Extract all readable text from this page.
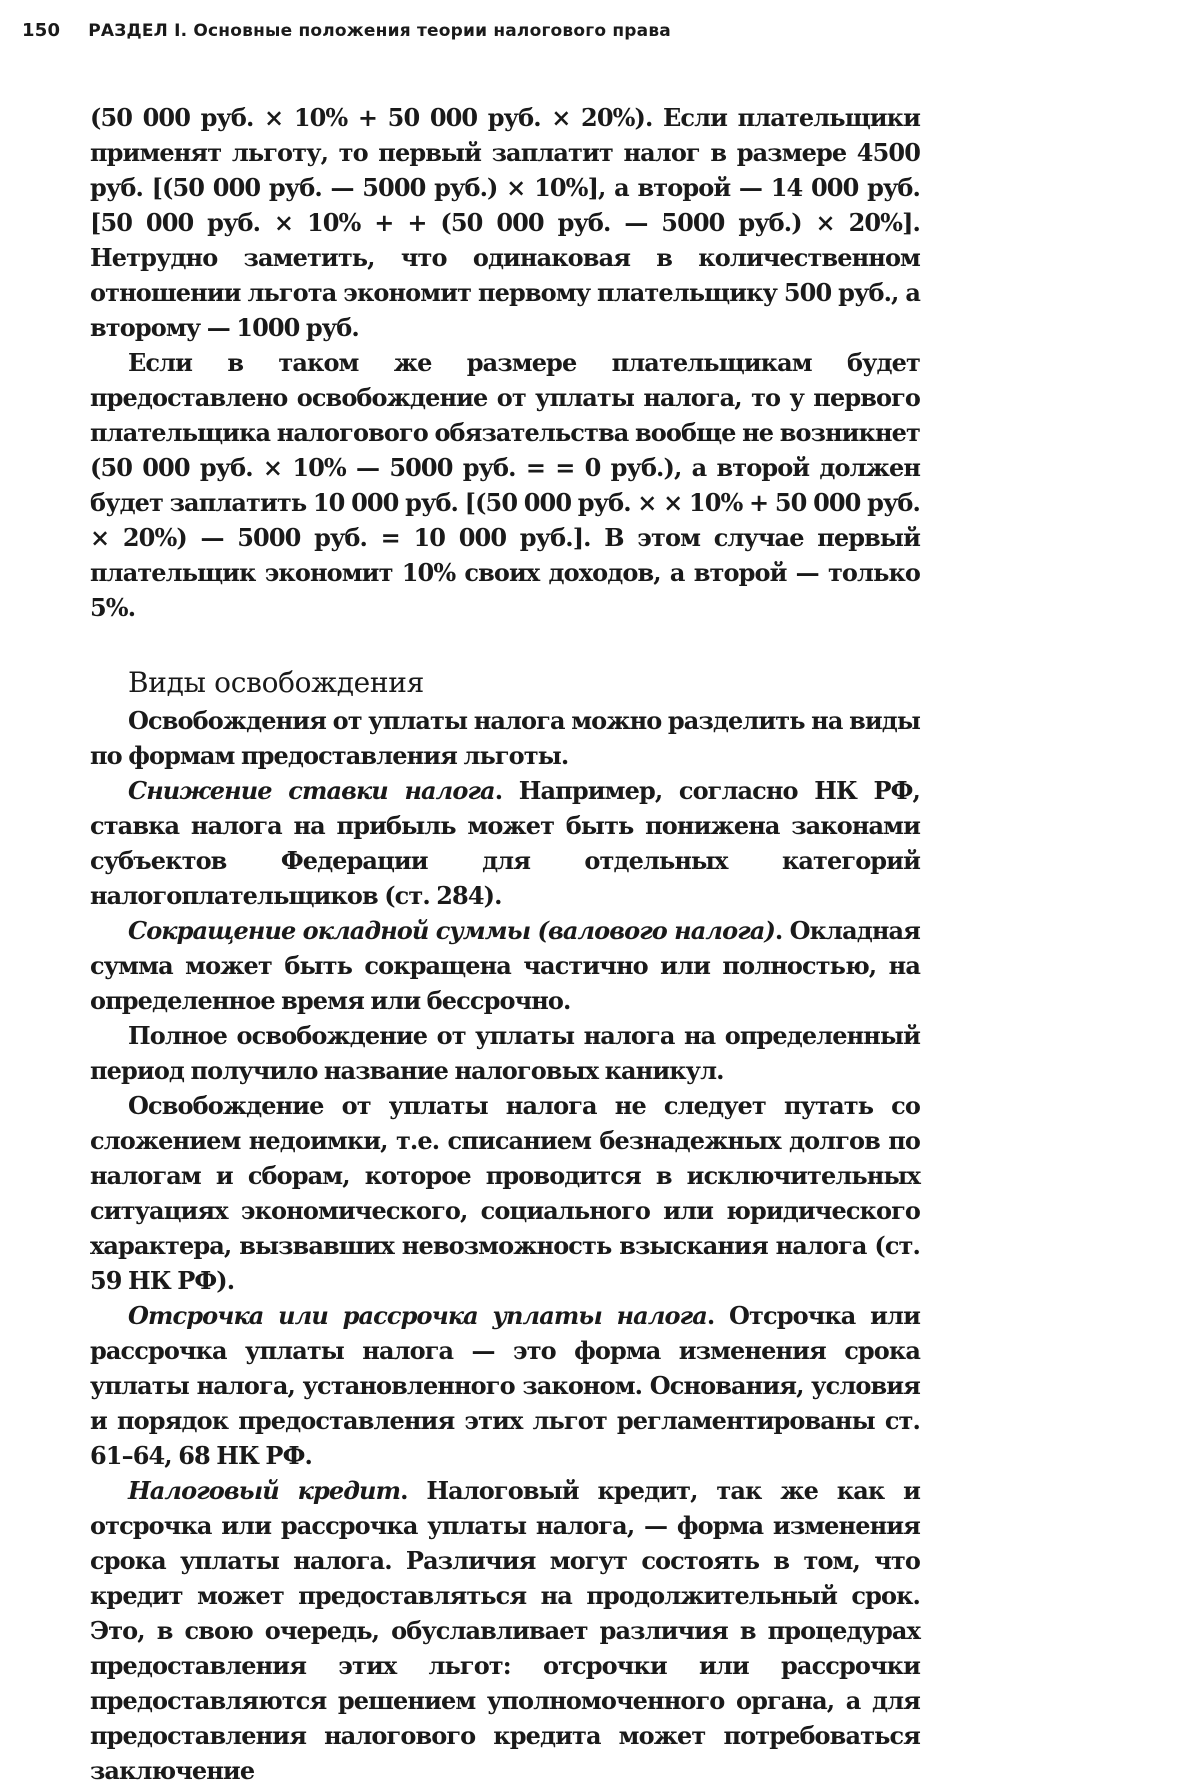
150 РАЗДЕЛ I. Основные положения теории налогового права

(50 000 руб. × 10% + 50 000 руб. × 20%). Если плательщики применят льготу, то первый заплатит налог в размере 4500 руб. [(50 000 руб. — 5000 руб.) × 10%], а второй — 14 000 руб. [50 000 руб. × 10% + + (50 000 руб. — 5000 руб.) × 20%]. Нетрудно заметить, что одинаковая в количественном отношении льгота экономит первому плательщику 500 руб., а второму — 1000 руб.

Если в таком же размере плательщикам будет предоставлено освобождение от уплаты налога, то у первого плательщика налогового обязательства вообще не возникнет (50 000 руб. × 10% — 5000 руб. = = 0 руб.), а второй должен будет заплатить 10 000 руб. [(50 000 руб. × × 10% + 50 000 руб. × 20%) — 5000 руб. = 10 000 руб.]. В этом случае первый плательщик экономит 10% своих доходов, а второй — только 5%.

Виды освобождения

Освобождения от уплаты налога можно разделить на виды по формам предоставления льготы.

Снижение ставки налога. Например, согласно НК РФ, ставка налога на прибыль может быть понижена законами субъектов Федерации для отдельных категорий налогоплательщиков (ст. 284).

Сокращение окладной суммы (валового налога). Окладная сумма может быть сокращена частично или полностью, на определенное время или бессрочно.

Полное освобождение от уплаты налога на определенный период получило название налоговых каникул.

Освобождение от уплаты налога не следует путать со сложением недоимки, т.е. списанием безнадежных долгов по налогам и сборам, которое проводится в исключительных ситуациях экономического, социального или юридического характера, вызвавших невозможность взыскания налога (ст. 59 НК РФ).

Отсрочка или рассрочка уплаты налога. Отсрочка или рассрочка уплаты налога — это форма изменения срока уплаты налога, установленного законом. Основания, условия и порядок предоставления этих льгот регламентированы ст. 61–64, 68 НК РФ.

Налоговый кредит. Налоговый кредит, так же как и отсрочка или рассрочка уплаты налога, — форма изменения срока уплаты налога. Различия могут состоять в том, что кредит может предоставляться на продолжительный срок. Это, в свою очередь, обуславливает различия в процедурах предоставления этих льгот: отсрочки или рассрочки предоставляются решением уполномоченного органа, а для предоставления налогового кредита может потребоваться заключение
